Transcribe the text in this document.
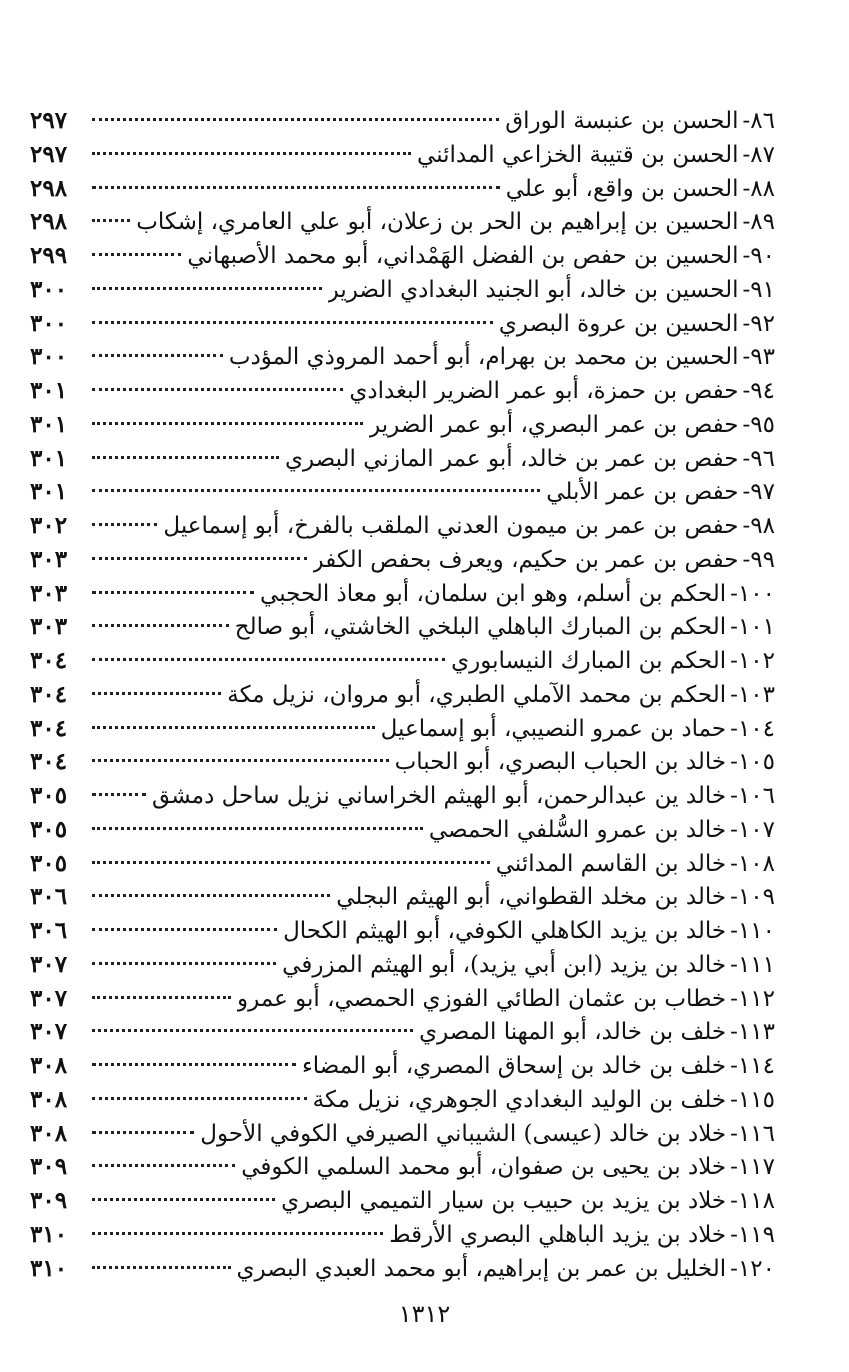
٨٦-
الحسن بن عنبسة الوراق
٢٩٧
٨٧-
الحسن بن قتيبة الخزاعي المدائني
٢٩٧
٨٨-
الحسن بن واقع، أبو علي
٢٩٨
٨٩-
الحسين بن إبراهيم بن الحر بن زعلان، أبو علي العامري، إشكاب
٢٩٨
٩٠-
الحسين بن حفص بن الفضل الهَمْداني، أبو محمد الأصبهاني
٢٩٩
٩١-
الحسين بن خالد، أبو الجنيد البغدادي الضرير
٣٠٠
٩٢-
الحسين بن عروة البصري
٣٠٠
٩٣-
الحسين بن محمد بن بهرام، أبو أحمد المروذي المؤدب
٣٠٠
٩٤-
حفص بن حمزة، أبو عمر الضرير البغدادي
٣٠١
٩٥-
حفص بن عمر البصري، أبو عمر الضرير
٣٠١
٩٦-
حفص بن عمر بن خالد، أبو عمر المازني البصري
٣٠١
٩٧-
حفص بن عمر الأبلي
٣٠١
٩٨-
حفص بن عمر بن ميمون العدني الملقب بالفرخ، أبو إسماعيل
٣٠٢
٩٩-
حفص بن عمر بن حكيم، ويعرف بحفص الكفر
٣٠٣
١٠٠-
الحكم بن أسلم، وهو ابن سلمان، أبو معاذ الحجبي
٣٠٣
١٠١-
الحكم بن المبارك الباهلي البلخي الخاشتي، أبو صالح
٣٠٣
١٠٢-
الحكم بن المبارك النيسابوري
٣٠٤
١٠٣-
الحكم بن محمد الآملي الطبري، أبو مروان، نزيل مكة
٣٠٤
١٠٤-
حماد بن عمرو النصيبي، أبو إسماعيل
٣٠٤
١٠٥-
خالد بن الحباب البصري، أبو الحباب
٣٠٤
١٠٦-
خالد ين عبدالرحمن، أبو الهيثم الخراساني نزيل ساحل دمشق
٣٠٥
١٠٧-
خالد بن عمرو السُّلفي الحمصي
٣٠٥
١٠٨-
خالد بن القاسم المدائني
٣٠٥
١٠٩-
خالد بن مخلد القطواني، أبو الهيثم البجلي
٣٠٦
١١٠-
خالد بن يزيد الكاهلي الكوفي، أبو الهيثم الكحال
٣٠٦
١١١-
خالد بن يزيد (ابن أبي يزيد)، أبو الهيثم المزرفي
٣٠٧
١١٢-
خطاب بن عثمان الطائي الفوزي الحمصي، أبو عمرو
٣٠٧
١١٣-
خلف بن خالد، أبو المهنا المصري
٣٠٧
١١٤-
خلف بن خالد بن إسحاق المصري، أبو المضاء
٣٠٨
١١٥-
خلف بن الوليد البغدادي الجوهري، نزيل مكة
٣٠٨
١١٦-
خلاد بن خالد (عيسى) الشيباني الصيرفي الكوفي الأحول
٣٠٨
١١٧-
خلاد بن يحيى بن صفوان، أبو محمد السلمي الكوفي
٣٠٩
١١٨-
خلاد بن يزيد بن حبيب بن سيار التميمي البصري
٣٠٩
١١٩-
خلاد بن يزيد الباهلي البصري الأرقط
٣١٠
١٢٠-
الخليل بن عمر بن إبراهيم، أبو محمد العبدي البصري
٣١٠
١٣١٢
